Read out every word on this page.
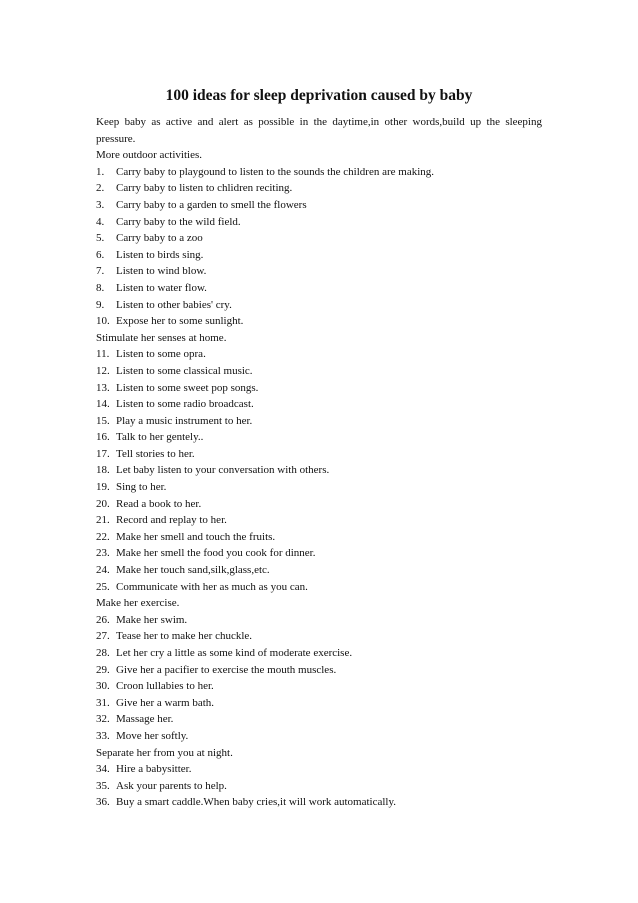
100 ideas for sleep deprivation caused by baby

Keep baby as active and alert as possible in the daytime,in other words,build up the sleeping pressure.

More outdoor activities.

1.	Carry baby to playgound to listen to the sounds the children are making.
2.	Carry baby to listen to chlidren reciting.
3.	Carry baby to a garden to smell the flowers
4.	Carry baby to the wild field.
5.	Carry baby to a zoo
6.	Listen to birds sing.
7.	Listen to wind blow.
8.	Listen to water flow.
9.	Listen to other babies' cry.
10. Expose her to some sunlight.

Stimulate her senses at home.

11. Listen to some opra.
12. Listen to some classical music.
13. Listen to some sweet pop songs.
14. Listen to some radio broadcast.
15. Play a music instrument to her.
16. Talk to her gentely..
17. Tell stories to her.
18. Let baby listen to your conversation with others.
19. Sing to her.
20. Read a book to her.
21. Record and replay to her.
22. Make her smell and touch the fruits.
23. Make her smell the food you cook for dinner.
24. Make her touch sand,silk,glass,etc.
25. Communicate with her as much as you can.

Make her exercise.

26. Make her swim.
27. Tease her to make her chuckle.
28. Let her cry a little as some kind of moderate exercise.
29. Give her a pacifier to exercise the mouth muscles.
30. Croon lullabies to her.
31. Give her a warm bath.
32. Massage her.
33. Move her softly.

Separate her from you at night.

34. Hire a babysitter.
35. Ask your parents to help.
36. Buy a smart caddle.When baby cries,it will work automatically.
